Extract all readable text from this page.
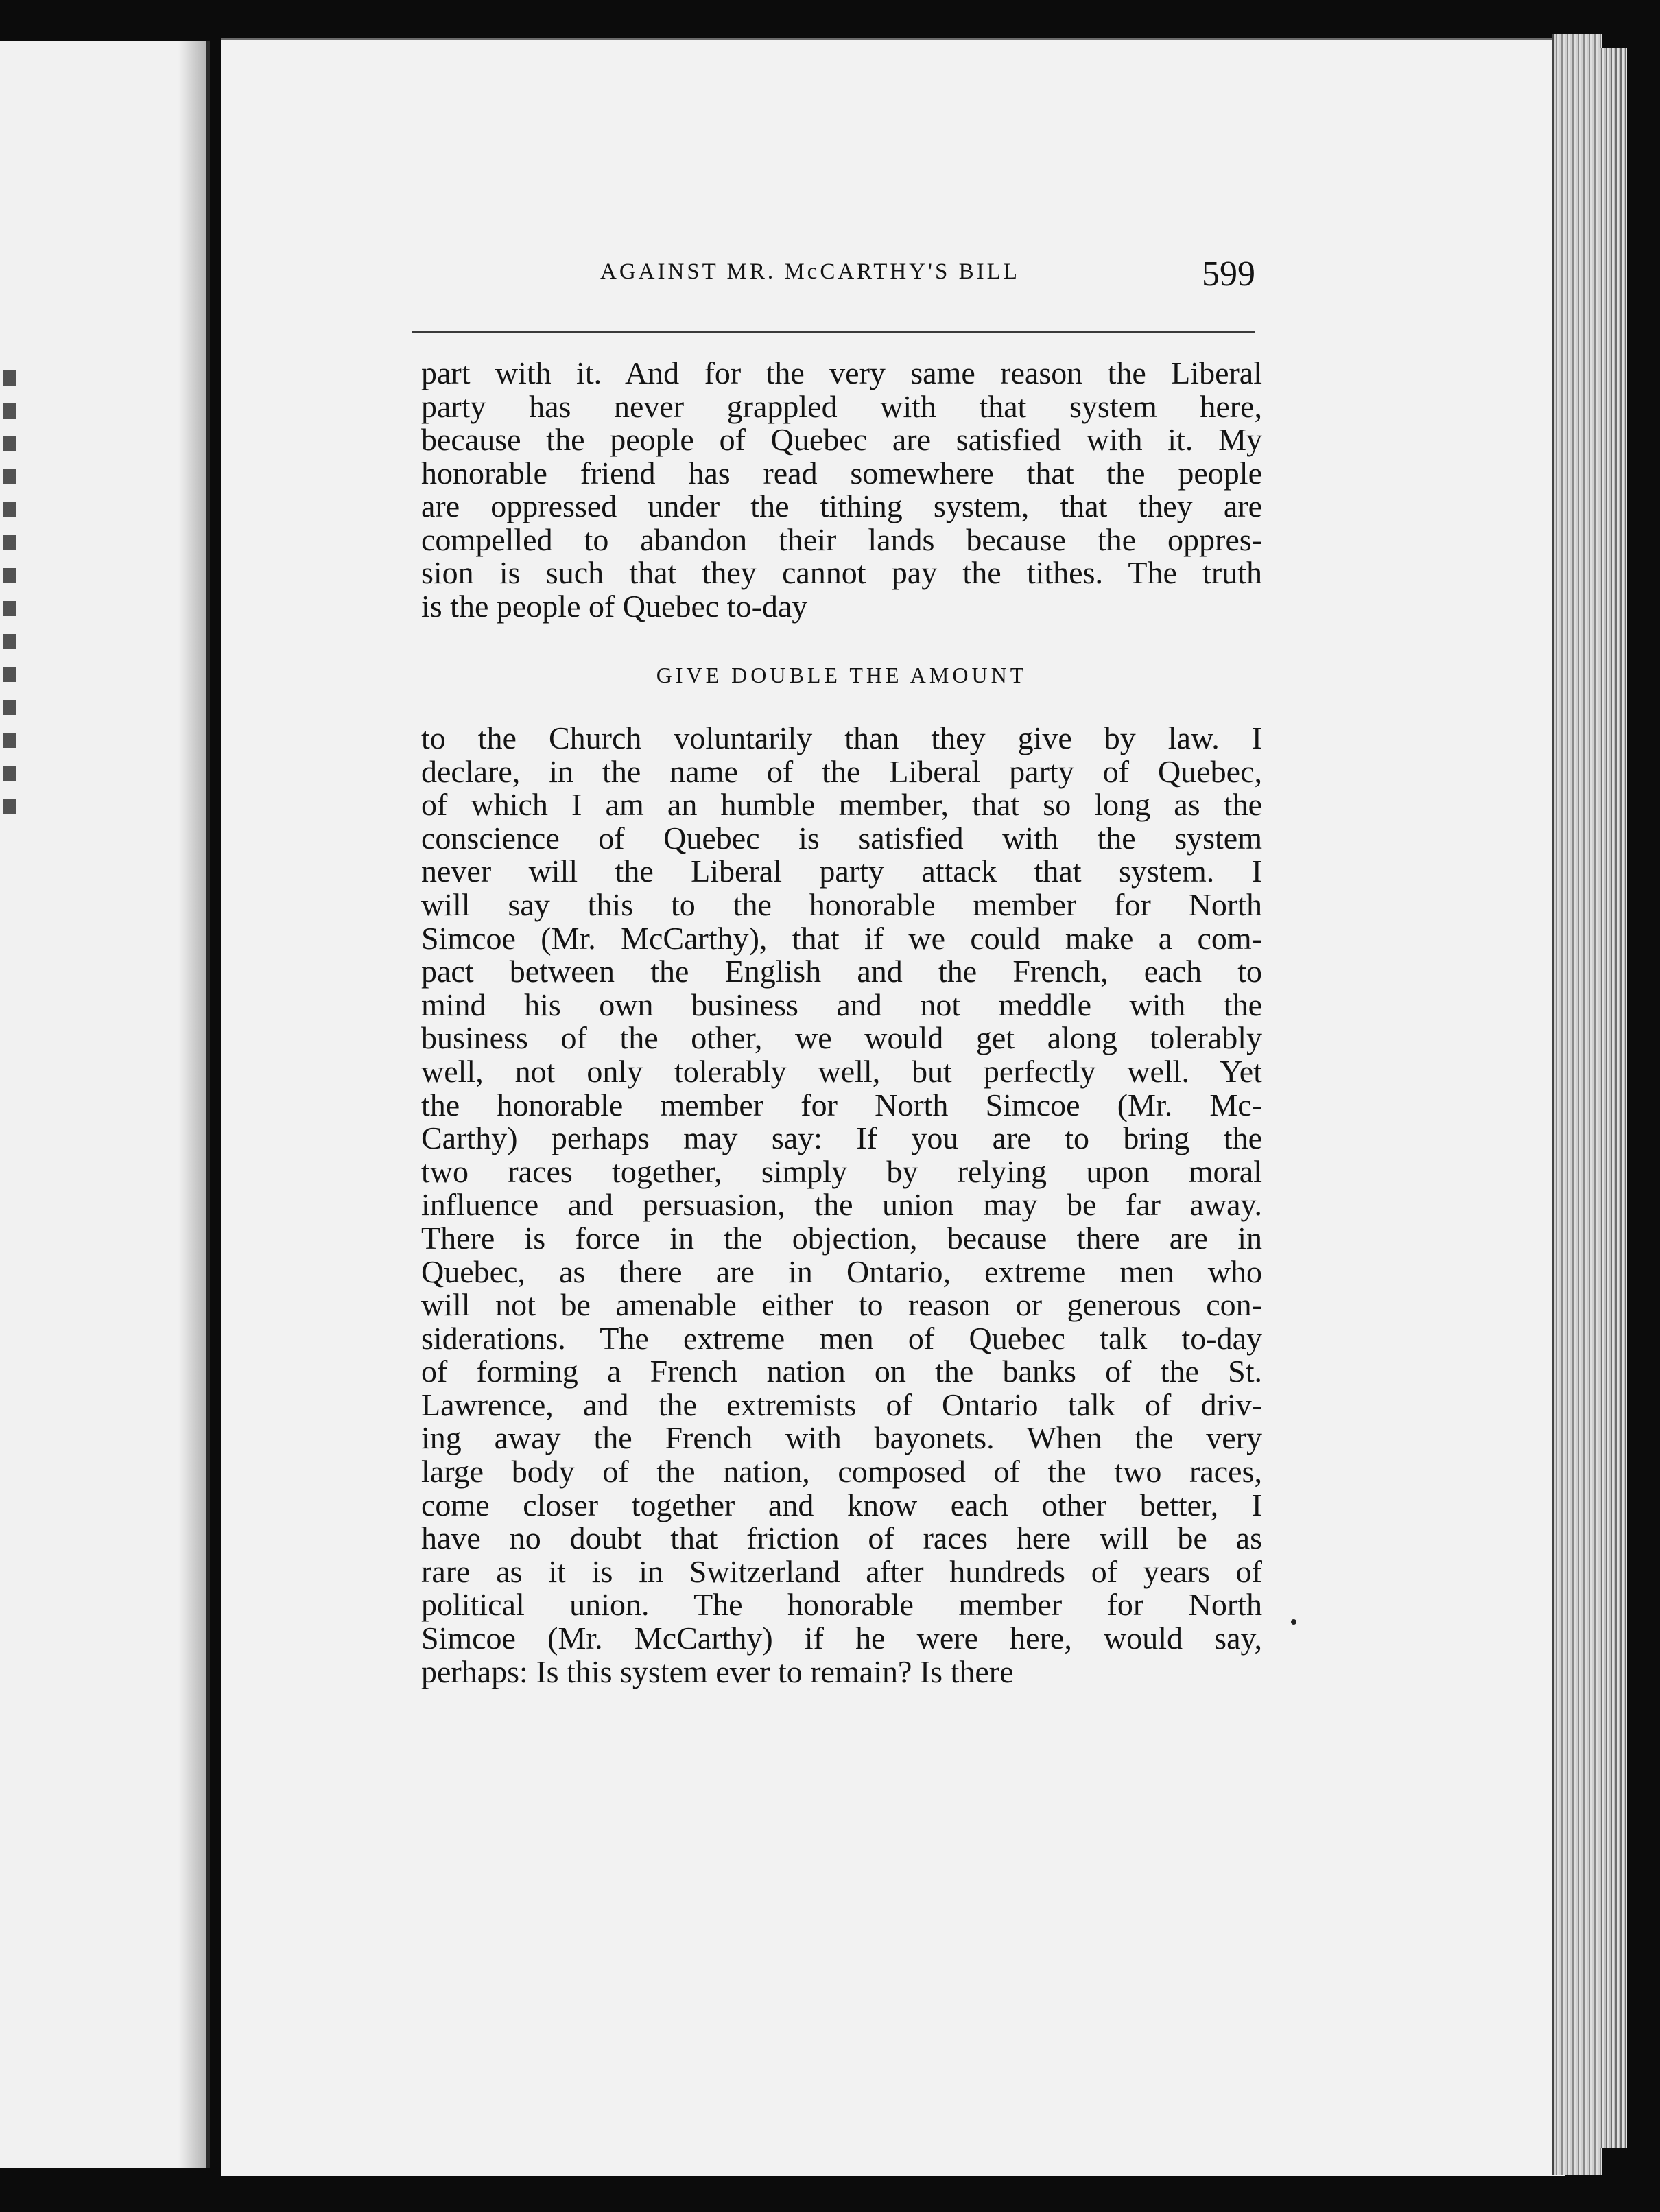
AGAINST MR. McCARTHY'S BILL	599
part with it. And for the very same reason the Liberal
party has never grappled with that system here,
because the people of Quebec are satisfied with it. My
honorable friend has read somewhere that the people
are oppressed under the tithing system, that they are
compelled to abandon their lands because the oppres-
sion is such that they cannot pay the tithes. The truth
is the people of Quebec to-day
GIVE DOUBLE THE AMOUNT
to the Church voluntarily than they give by law. I
declare, in the name of the Liberal party of Quebec,
of which I am an humble member, that so long as the
conscience of Quebec is satisfied with the system
never will the Liberal party attack that system. I
will say this to the honorable member for North
Simcoe (Mr. McCarthy), that if we could make a com-
pact between the English and the French, each to
mind his own business and not meddle with the
business of the other, we would get along tolerably
well, not only tolerably well, but perfectly well. Yet
the honorable member for North Simcoe (Mr. Mc-
Carthy) perhaps may say: If you are to bring the
two races together, simply by relying upon moral
influence and persuasion, the union may be far away.
There is force in the objection, because there are in
Quebec, as there are in Ontario, extreme men who
will not be amenable either to reason or generous con-
siderations. The extreme men of Quebec talk to-day
of forming a French nation on the banks of the St.
Lawrence, and the extremists of Ontario talk of driv-
ing away the French with bayonets. When the very
large body of the nation, composed of the two races,
come closer together and know each other better, I
have no doubt that friction of races here will be as
rare as it is in Switzerland after hundreds of years of
political union. The honorable member for North
Simcoe (Mr. McCarthy) if he were here, would say,
perhaps: Is this system ever to remain? Is there
